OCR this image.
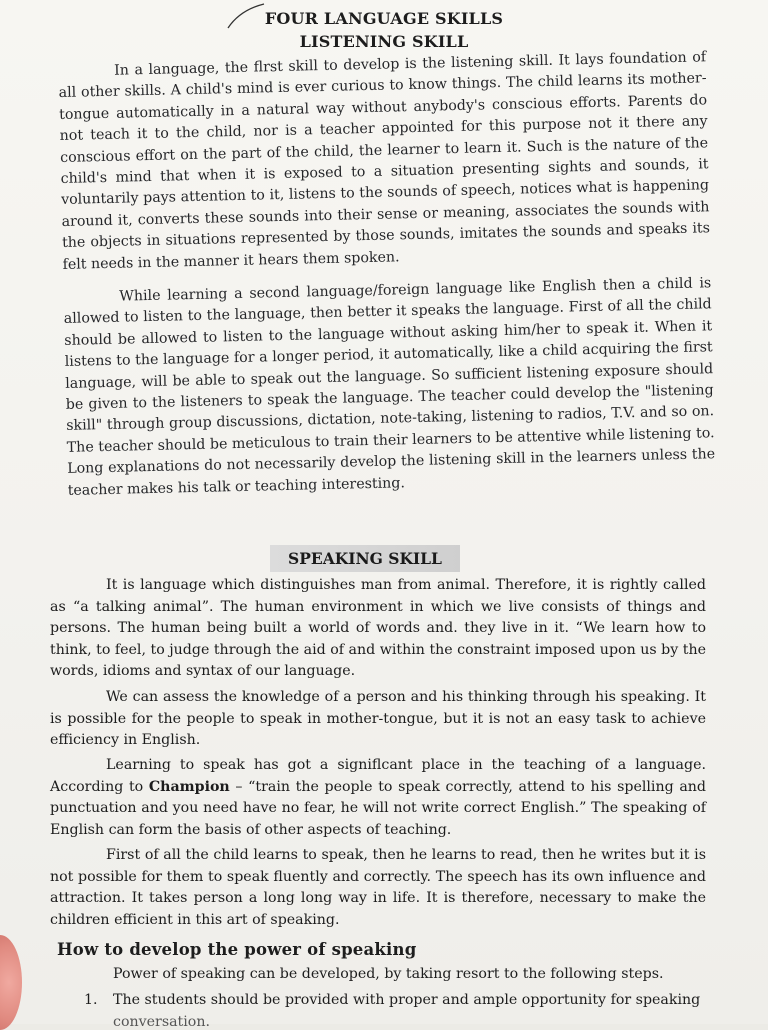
FOUR LANGUAGE SKILLS
LISTENING SKILL

In a language, the flrst skill to develop is the listening skill. It lays foundation of all other skills. A child's mind is ever curious to know things. The child learns its mother-tongue automatically in a natural way without anybody's conscious efforts. Parents do not teach it to the child, nor is a teacher appointed for this purpose not it there any conscious effort on the part of the child, the learner to learn it. Such is the nature of the child's mind that when it is exposed to a situation presenting sights and sounds, it voluntarily pays attention to it, listens to the sounds of speech, notices what is happening around it, converts these sounds into their sense or meaning, associates the sounds with the objects in situations represented by those sounds, imitates the sounds and speaks its felt needs in the manner it hears them spoken.

While learning a second language/foreign language like English then a child is allowed to listen to the language, then better it speaks the language. First of all the child should be allowed to listen to the language without asking him/her to speak it. When it listens to the language for a longer period, it automatically, like a child acquiring the first language, will be able to speak out the language. So sufficient listening exposure should be given to the listeners to speak the language. The teacher could develop the "listening skill" through group discussions, dictation, note-taking, listening to radios, T.V. and so on. The teacher should be meticulous to train their learners to be attentive while listening to. Long explanations do not necessarily develop the listening skill in the learners unless the teacher makes his talk or teaching interesting.

SPEAKING SKILL

It is language which distinguishes man from animal. Therefore, it is rightly called as “a talking animal”. The human environment in which we live consists of things and persons. The human being built a world of words and. they live in it. “We learn how to think, to feel, to judge through the aid of and within the constraint imposed upon us by the words, idioms and syntax of our language.

We can assess the knowledge of a person and his thinking through his speaking. It is possible for the people to speak in mother-tongue, but it is not an easy task to achieve efficiency in English.

Learning to speak has got a signiflcant place in the teaching of a language. According to Champion – “train the people to speak correctly, attend to his spelling and punctuation and you need have no fear, he will not write correct English.” The speaking of English can form the basis of other aspects of teaching.

First of all the child learns to speak, then he learns to read, then he writes but it is not possible for them to speak fluently and correctly. The speech has its own influence and attraction. It takes person a long long way in life. It is therefore, necessary to make the children efficient in this art of speaking.

How to develop the power of speaking
Power of speaking can be developed, by taking resort to the following steps.
1. The students should be provided with proper and ample opportunity for speaking
conversation.
